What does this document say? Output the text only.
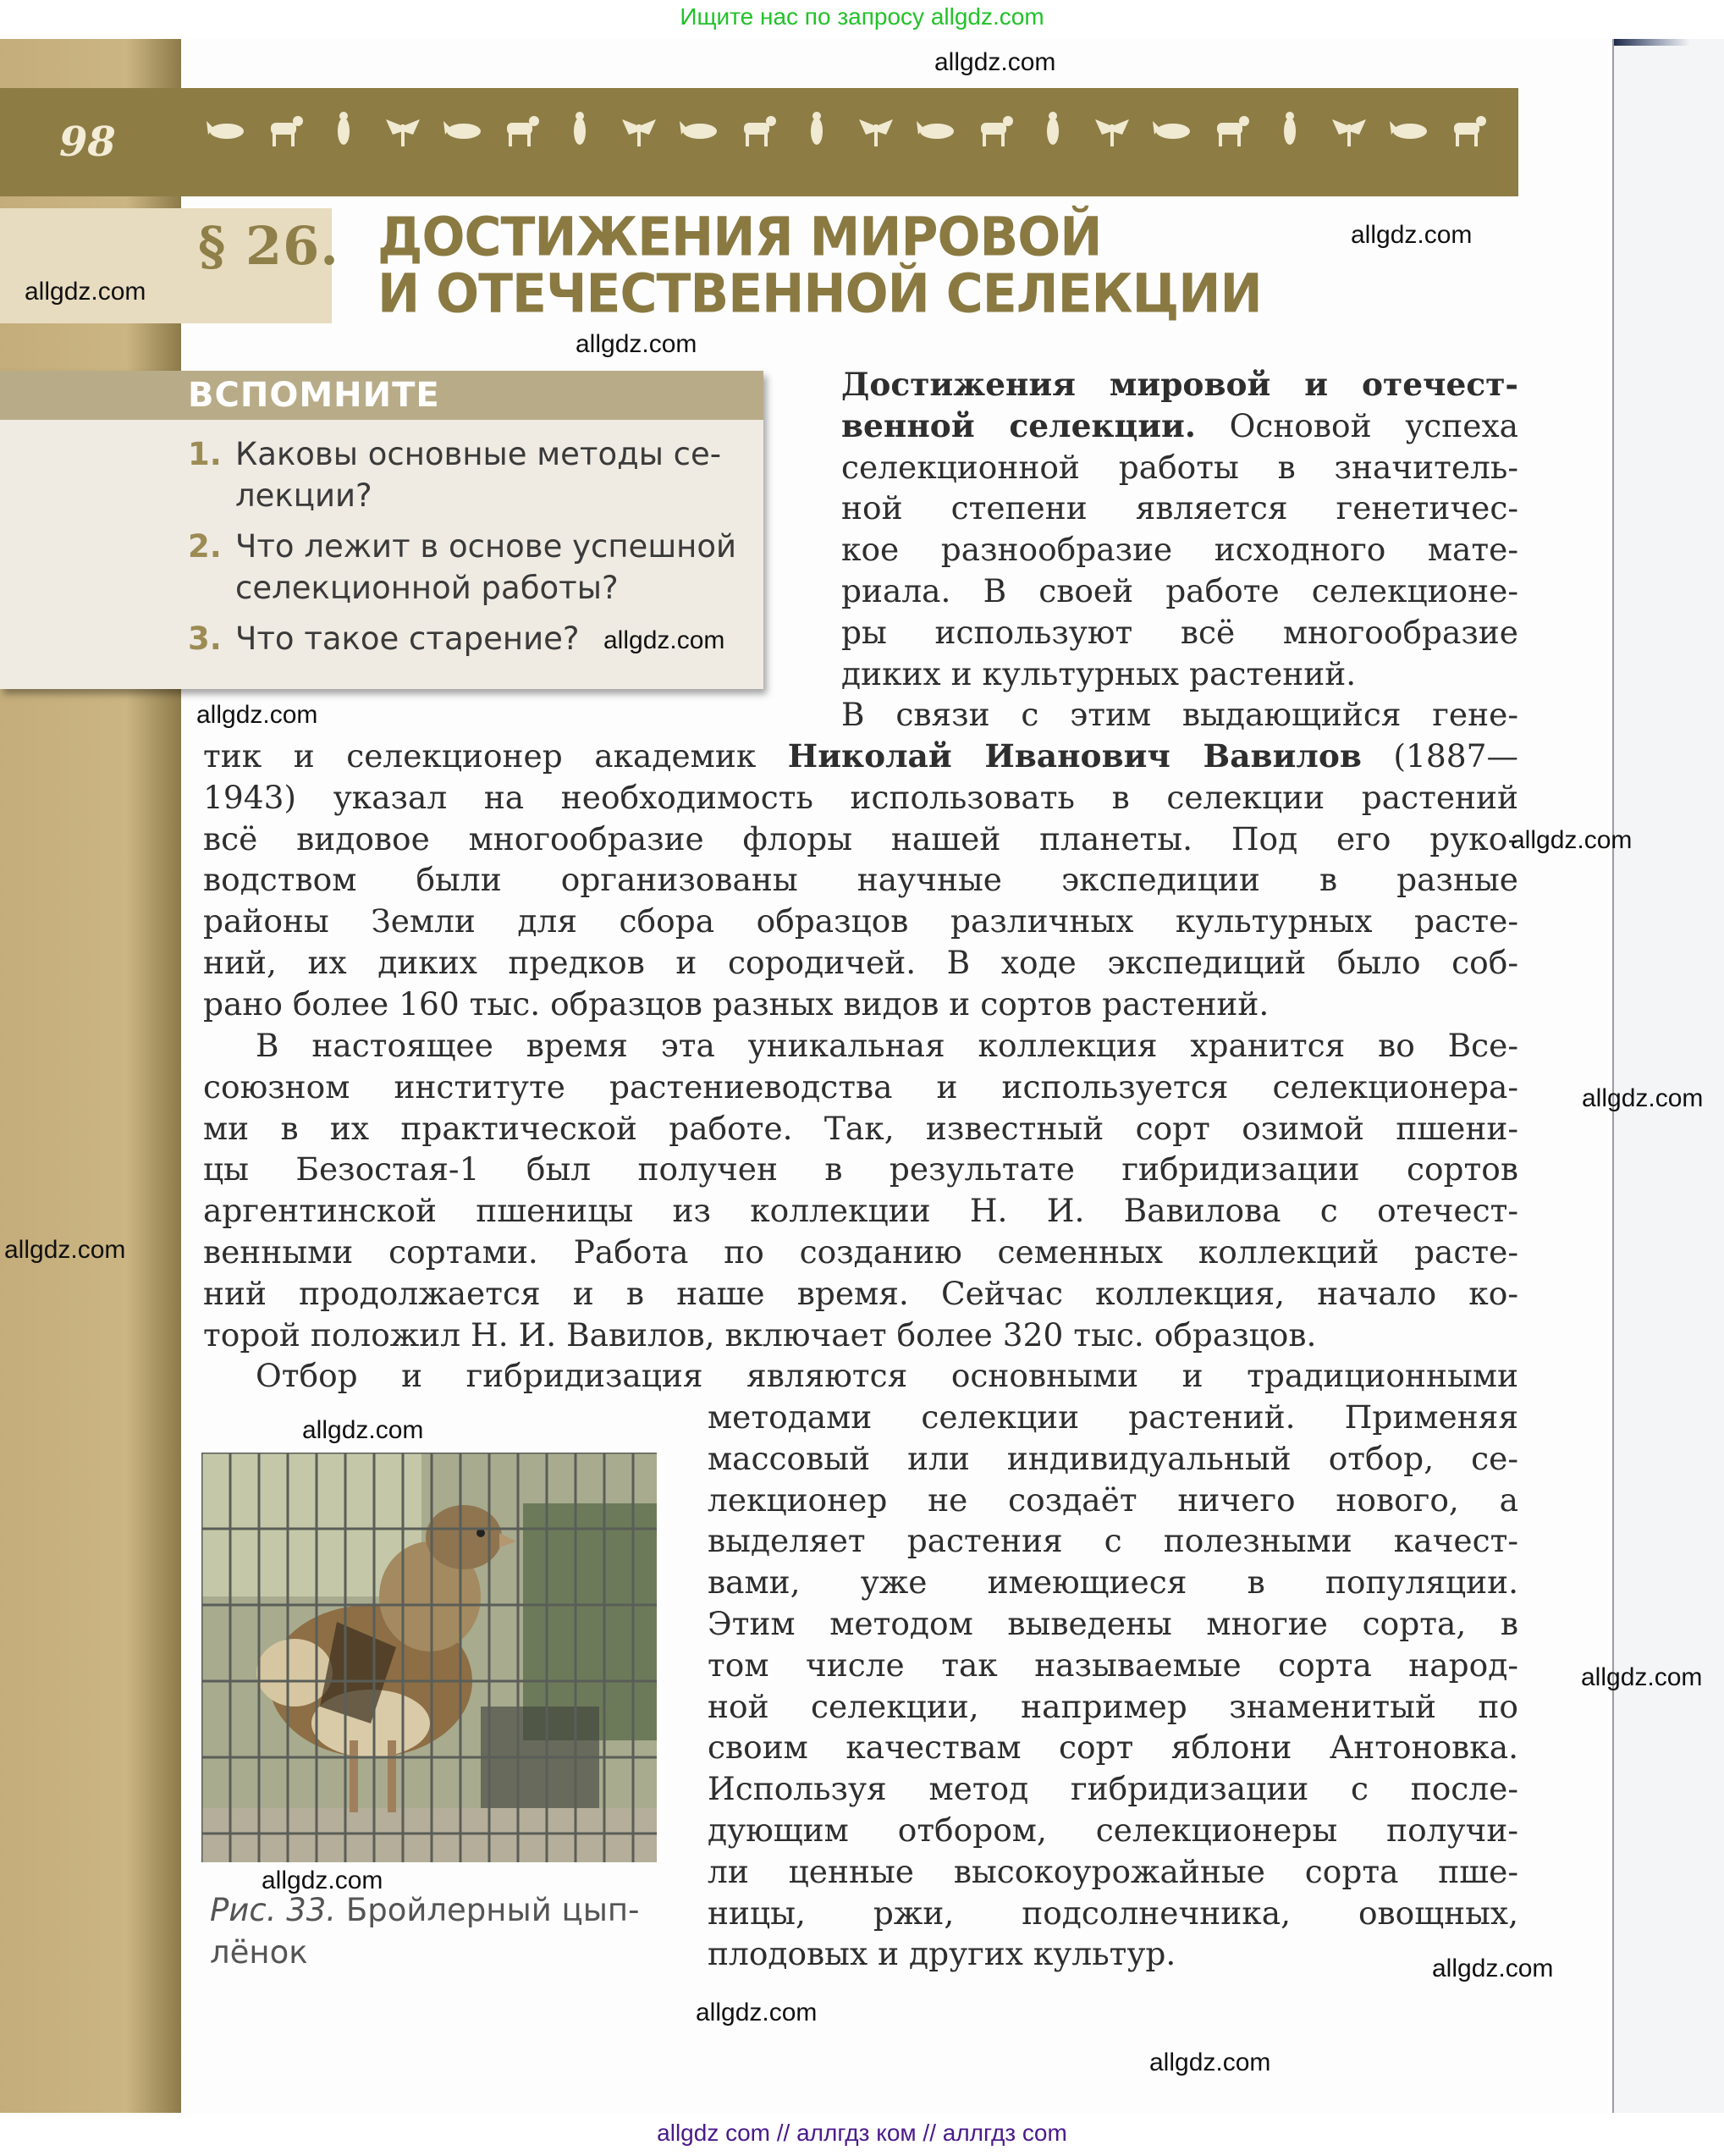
Ищите нас по запросу allgdz.com
98
§ 26. ДОСТИЖЕНИЯ МИРОВОЙ
И ОТЕЧЕСТВЕННОЙ СЕЛЕКЦИИ
ВСПОМНИТЕ
1. Каковы основные методы се-лекции?
2. Что лежит в основе успешной селекционной работы?
3. Что такое старение?
Достижения мировой и отечест-
венной селекции. Основой успеха
селекционной работы в значитель-
ной степени является генетичес-
кое разнообразие исходного мате-
риала. В своей работе селекционе-
ры используют всё многообразие
диких и культурных растений.
В связи с этим выдающийся гене-
тик и селекционер академик Николай Иванович Вавилов (1887—
1943) указал на необходимость использовать в селекции растений
всё видовое многообразие флоры нашей планеты. Под его руко-
водством были организованы научные экспедиции в разные
районы Земли для сбора образцов различных культурных расте-
ний, их диких предков и сородичей. В ходе экспедиций было соб-
рано более 160 тыс. образцов разных видов и сортов растений.
В настоящее время эта уникальная коллекция хранится во Все-
союзном институте растениеводства и используется селекционера-
ми в их практической работе. Так, известный сорт озимой пшени-
цы Безостая-1 был получен в результате гибридизации сортов
аргентинской пшеницы из коллекции Н. И. Вавилова с отечест-
венными сортами. Работа по созданию семенных коллекций расте-
ний продолжается и в наше время. Сейчас коллекция, начало ко-
торой положил Н. И. Вавилов, включает более 320 тыс. образцов.
Отбор и гибридизация являются основными и традиционными
методами селекции растений. Применяя
массовый или индивидуальный отбор, се-
лекционер не создаёт ничего нового, а
выделяет растения с полезными качест-
вами, уже имеющиеся в популяции.
Этим методом выведены многие сорта, в
том числе так называемые сорта народ-
ной селекции, например знаменитый по
своим качествам сорт яблони Антоновка.
Используя метод гибридизации с после-
дующим отбором, селекционеры получи-
ли ценные высокоурожайные сорта пше-
ницы, ржи, подсолнечника, овощных,
плодовых и других культур.
Рис. 33. Бройлерный цып-
лёнок
allgdz.com
allgdz.com
allgdz.com
allgdz.com
allgdz.com
allgdz.com
allgdz.com
allgdz.com
allgdz.com
allgdz.com
allgdz.com
allgdz.com
allgdz.com
allgdz.com
allgdz.com
allgdz com // аллгдз ком // аллгдз com
